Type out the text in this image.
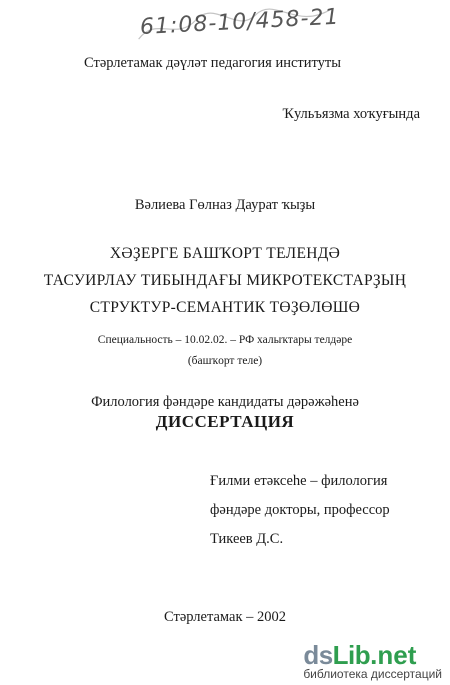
61:08-10/458-21
Стәрлетамак дәүләт педагогия институты
Ҡульъязма хоҡуғында
Вәлиева Гөлназ Даурат ҡыҙы
ХӘҘЕРГЕ БАШҠОРТ ТЕЛЕНДӘ
ТАСУИРЛАУ ТИБЫНДАҒЫ МИКРОТЕКСТАРҘЫҢ
СТРУКТУР-СЕМАНТИК ТӨҘӨЛӨШӨ
Специальность – 10.02.02. – РФ халыҡтары телдәре
(башҡорт теле)
Филология фәндәре кандидаты дәрәжәһенә
ДИССЕРТАЦИЯ
Ғилми етәксеһе – филология
фәндәре докторы, профессор
Тикеев Д.С.
Стәрлетамак – 2002
ds Lib .net
библиотека диссертаций
